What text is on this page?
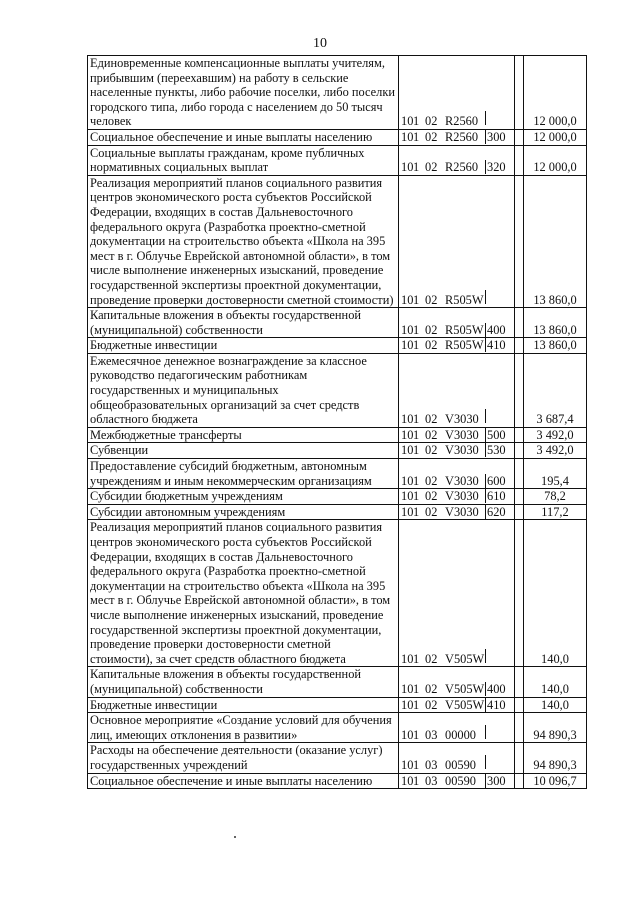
10
Единовременные компенсационные выплаты учителям, прибывшим (переехавшим) на работу в сельские населенные пункты, либо рабочие поселки, либо поселки городского типа, либо города с населением до 50 тысяч человек	101 02 R2560		12 000,0
Социальное обеспечение и иные выплаты населению	101 02 R2560 300		12 000,0
Социальные выплаты гражданам, кроме публичных нормативных социальных выплат	101 02 R2560 320		12 000,0
Реализация мероприятий планов социального развития центров экономического роста субъектов Российской Федерации, входящих в состав Дальневосточного федерального округа (Разработка проектно-сметной документации на строительство объекта «Школа на 395 мест в г. Облучье Еврейской автономной области», в том числе выполнение инженерных изысканий, проведение государственной экспертизы проектной документации, проведение проверки достоверности сметной стоимости)	101 02 R505W		13 860,0
Капитальные вложения в объекты государственной (муниципальной) собственности	101 02 R505W 400		13 860,0
Бюджетные инвестиции	101 02 R505W 410		13 860,0
Ежемесячное денежное вознаграждение за классное руководство педагогическим работникам государственных и муниципальных общеобразовательных организаций за счет средств областного бюджета	101 02 V3030		3 687,4
Межбюджетные трансферты	101 02 V3030 500		3 492,0
Субвенции	101 02 V3030 530		3 492,0
Предоставление субсидий бюджетным, автономным учреждениям и иным некоммерческим организациям	101 02 V3030 600		195,4
Субсидии бюджетным учреждениям	101 02 V3030 610		78,2
Субсидии автономным учреждениям	101 02 V3030 620		117,2
Реализация мероприятий планов социального развития центров экономического роста субъектов Российской Федерации, входящих в состав Дальневосточного федерального округа (Разработка проектно-сметной документации на строительство объекта «Школа на 395 мест в г. Облучье Еврейской автономной области», в том числе выполнение инженерных изысканий, проведение государственной экспертизы проектной документации, проведение проверки достоверности сметной стоимости), за счет средств областного бюджета	101 02 V505W		140,0
Капитальные вложения в объекты государственной (муниципальной) собственности	101 02 V505W 400		140,0
Бюджетные инвестиции	101 02 V505W 410		140,0
Основное мероприятие «Создание условий для обучения лиц, имеющих отклонения в развитии»	101 03 00000		94 890,3
Расходы на обеспечение деятельности (оказание услуг) государственных учреждений	101 03 00590		94 890,3
Социальное обеспечение и иные выплаты населению	101 03 00590 300		10 096,7
